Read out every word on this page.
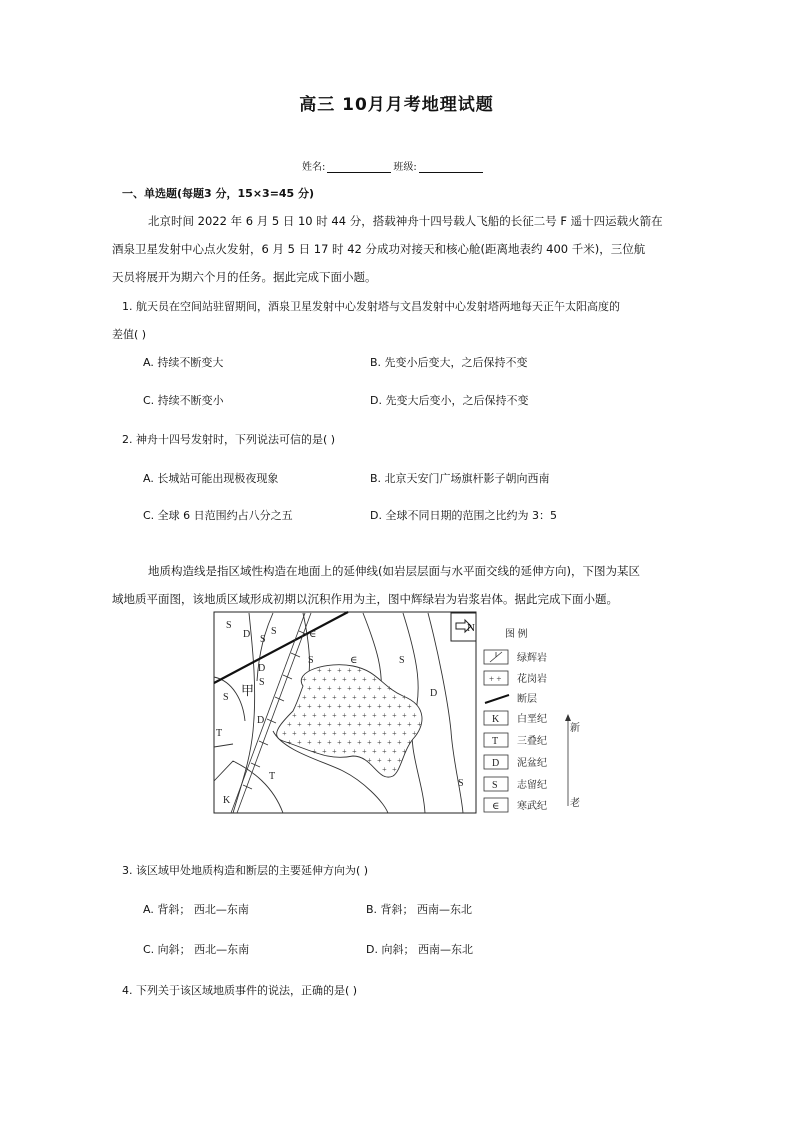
高三 10月月考地理试题
姓名:	班级:
一、单选题(每题3 分，15×3=45 分)
北京时间 2022 年 6 月 5 日 10 时 44 分，搭载神舟十四号载人飞船的长征二号 F 遥十四运载火箭在
酒泉卫星发射中心点火发射，6 月 5 日 17 时 42 分成功对接天和核心舱(距离地表约 400 千米)，三位航
天员将展开为期六个月的任务。据此完成下面小题。
1. 航天员在空间站驻留期间，酒泉卫星发射中心发射塔与文昌发射中心发射塔两地每天正午太阳高度的
差值( )
A. 持续不断变大	B. 先变小后变大，之后保持不变
C. 持续不断变小	D. 先变大后变小，之后保持不变
2. 神舟十四号发射时，下列说法可信的是( )
A. 长城站可能出现极夜现象	B. 北京天安门广场旗杆影子朝向西南
C. 全球 6 日范围约占八分之五	D. 全球不同日期的范围之比约为 3：5
地质构造线是指区域性构造在地面上的延伸线(如岩层层面与水平面交线的延伸方向)，下图为某区
域地质平面图，该地质区域形成初期以沉积作用为主，图中辉绿岩为岩浆岩体。据此完成下面小题。
N
+ + + + +
+ + + + + + + +
+ + + + + + + + +
+ + + + + + + + + + +
+ + + + + + + + + + + +
+ + + + + + + + + + + + +
+ + + + + + + + + + + + + +
+ + + + + + + + + + + + + +
+ + + + + + + + + + + + +
+ + + + + + + + + +
+ + + +
+ +
S
D S
S	∈
D
S
S	∈	S
D
S
D
T
T
S
K
甲
图 例
绿辉岩
+ + 花岗岩
断层
K 白垩纪
T 三叠纪
D 泥盆纪
S 志留纪
∈ 寒武纪
新
老
3. 该区域甲处地质构造和断层的主要延伸方向为( )
A. 背斜； 西北—东南	B. 背斜； 西南—东北
C. 向斜； 西北—东南	D. 向斜； 西南—东北
4. 下列关于该区域地质事件的说法，正确的是( )
